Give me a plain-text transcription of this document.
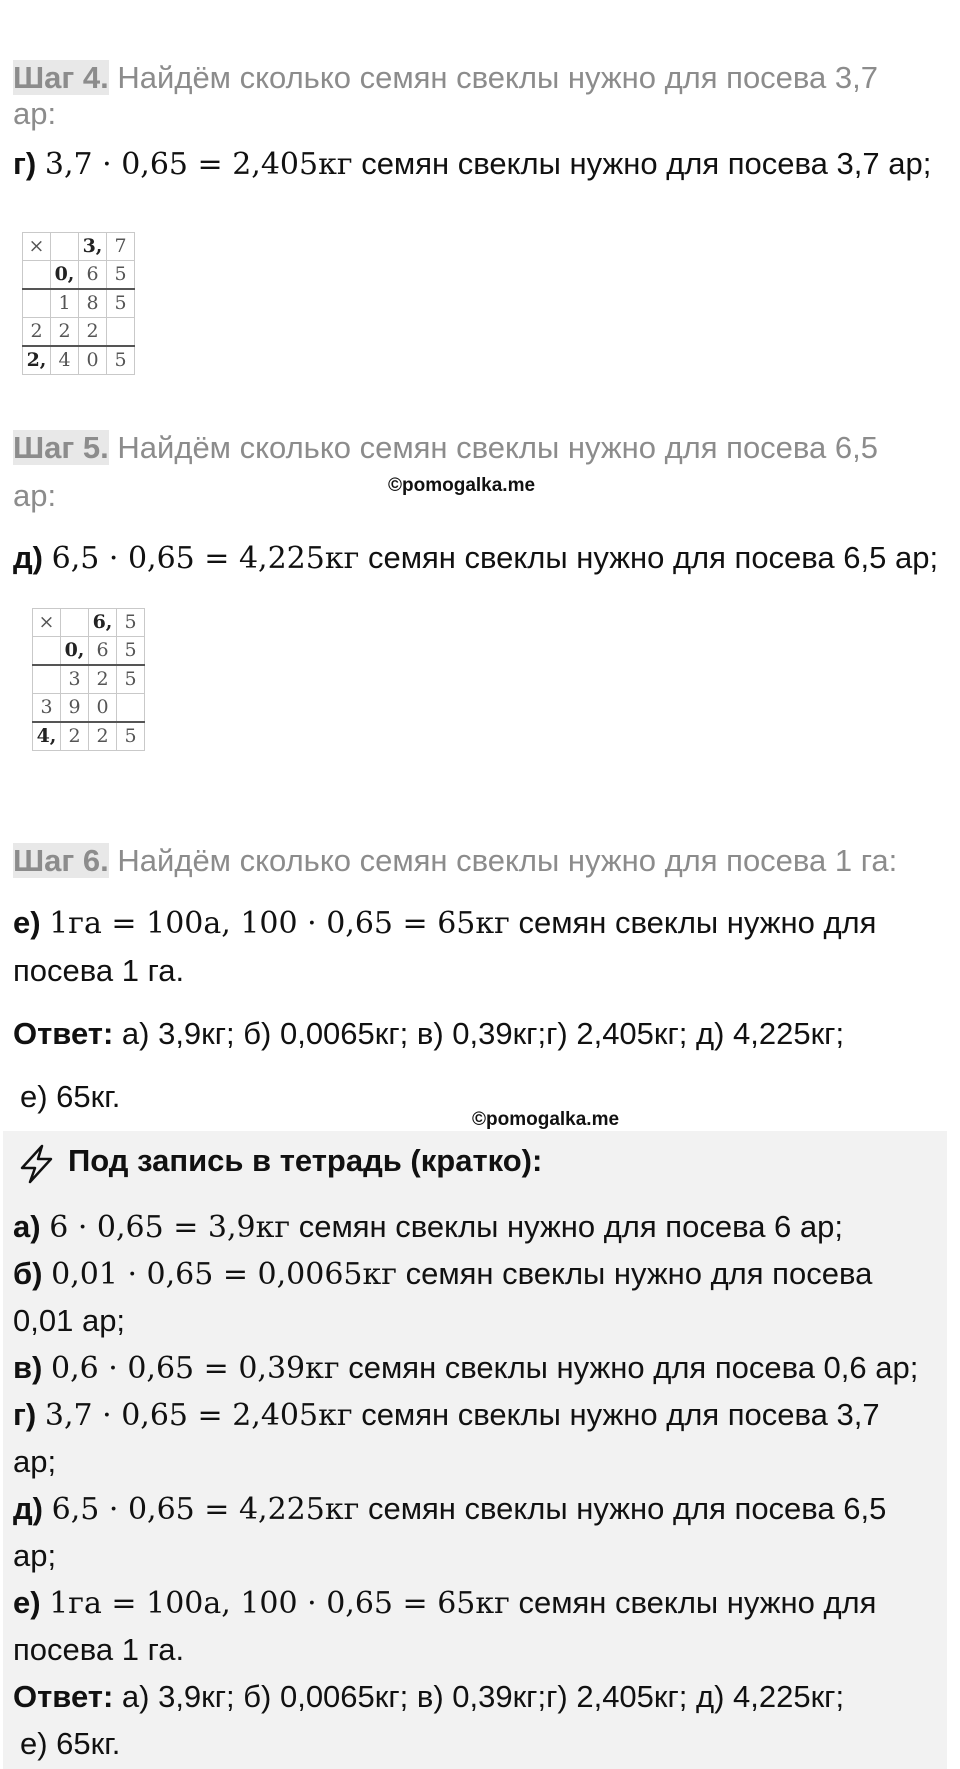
Шаг 4. Найдём сколько семян свеклы нужно для посева 3,7
ар:
г) 3,7 · 0,65 = 2,405кг семян свеклы нужно для посева 3,7 ар;
×		3,	7
	0,	6	5
	1	8	5
2	2	2	
2,	4	0	5
Шаг 5. Найдём сколько семян свеклы нужно для посева 6,5
ар:	©pomogalka.me
д) 6,5 · 0,65 = 4,225кг семян свеклы нужно для посева 6,5 ар;
×		6,	5
	0,	6	5
	3	2	5
3	9	0	
4,	2	2	5
Шаг 6. Найдём сколько семян свеклы нужно для посева 1 га:
е) 1га = 100а, 100 · 0,65 = 65кг семян свеклы нужно для
посева 1 га.
Ответ: а) 3,9кг; б) 0,0065кг; в) 0,39кг;г) 2,405кг; д) 4,225кг;
е) 65кг.
©pomogalka.me
Под запись в тетрадь (кратко):
а) 6 · 0,65 = 3,9кг семян свеклы нужно для посева 6 ар;
б) 0,01 · 0,65 = 0,0065кг семян свеклы нужно для посева
0,01 ар;
в) 0,6 · 0,65 = 0,39кг семян свеклы нужно для посева 0,6 ар;
г) 3,7 · 0,65 = 2,405кг семян свеклы нужно для посева 3,7
ар;
д) 6,5 · 0,65 = 4,225кг семян свеклы нужно для посева 6,5
ар;
е) 1га = 100а, 100 · 0,65 = 65кг семян свеклы нужно для
посева 1 га.
Ответ: а) 3,9кг; б) 0,0065кг; в) 0,39кг;г) 2,405кг; д) 4,225кг;
е) 65кг.
